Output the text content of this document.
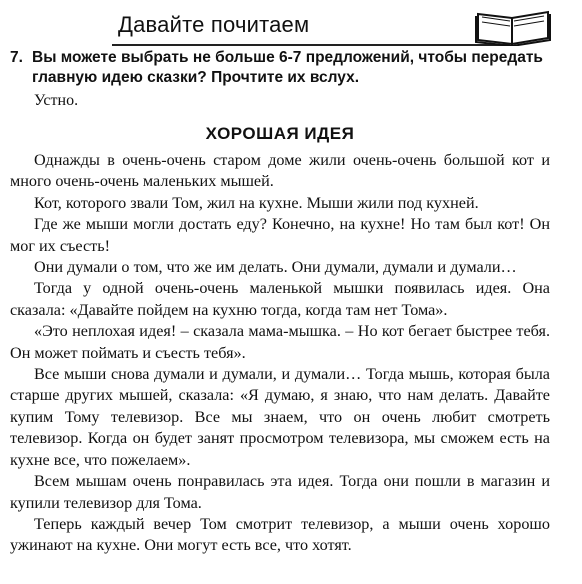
Давайте почитаем
7. Вы можете выбрать не больше 6-7 предложений, чтобы передать главную идею сказки? Прочтите их вслух.
Устно.
ХОРОШАЯ ИДЕЯ

Однажды в очень-очень старом доме жили очень-очень большой кот и много очень-очень маленьких мышей.

Кот, которого звали Том, жил на кухне. Мыши жили под кухней.

Где же мыши могли достать еду? Конечно, на кухне! Но там был кот! Он мог их съесть!

Они думали о том, что же им делать. Они думали, думали и думали…

Тогда у одной очень-очень маленькой мышки появилась идея. Она сказала: «Давайте пойдем на кухню тогда, когда там нет Тома».

«Это неплохая идея! – сказала мама-мышка. – Но кот бегает быстрее тебя. Он может поймать и съесть тебя».

Все мыши снова думали и думали, и думали… Тогда мышь, которая была старше других мышей, сказала: «Я думаю, я знаю, что нам делать. Давайте купим Тому телевизор. Все мы знаем, что он очень любит смотреть телевизор. Когда он будет занят просмотром телевизора, мы сможем есть на кухне все, что пожелаем».

Всем мышам очень понравилась эта идея. Тогда они пошли в магазин и купили телевизор для Тома.

Теперь каждый вечер Том смотрит телевизор, а мыши очень хорошо ужинают на кухне. Они могут есть все, что хотят.
